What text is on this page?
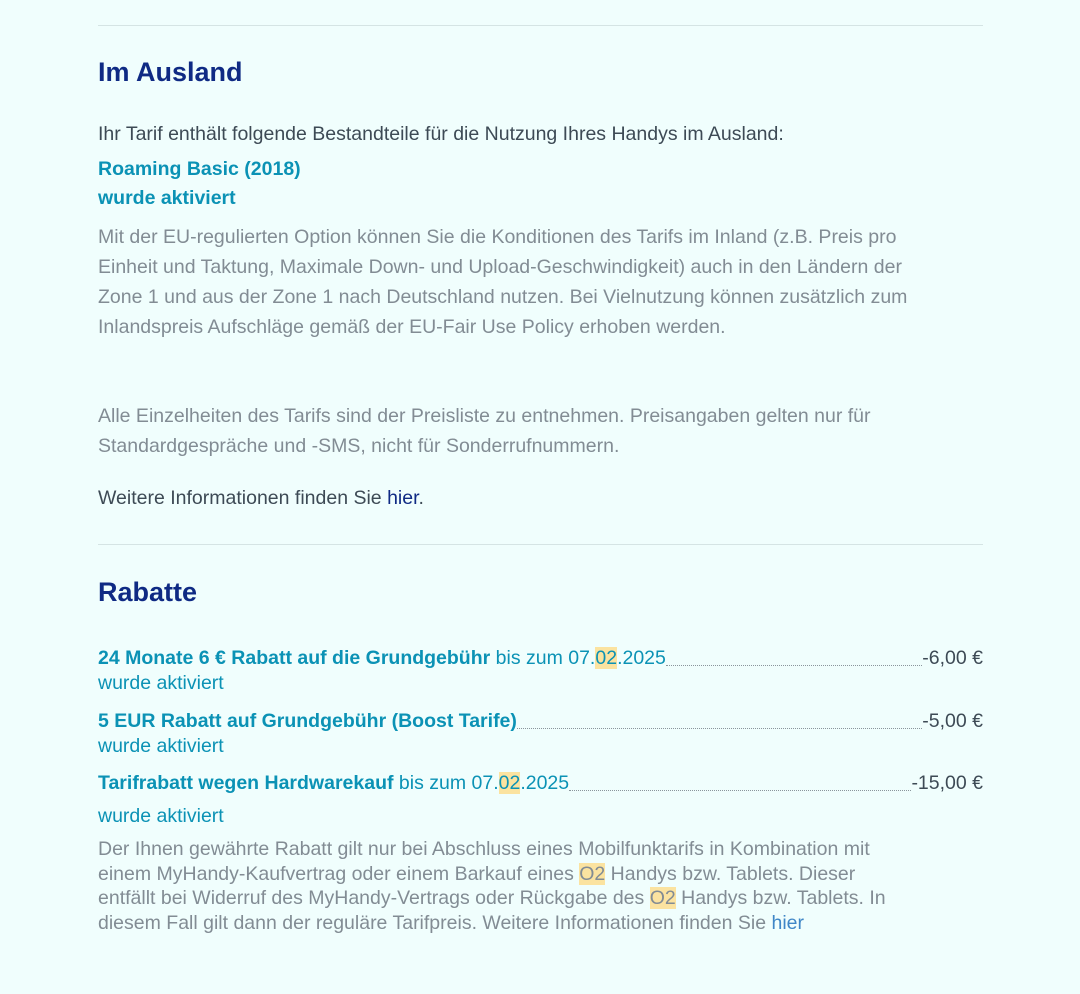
Im Ausland
Ihr Tarif enthält folgende Bestandteile für die Nutzung Ihres Handys im Ausland:
Roaming Basic (2018)
wurde aktiviert
Mit der EU-regulierten Option können Sie die Konditionen des Tarifs im Inland (z.B. Preis pro Einheit und Taktung, Maximale Down- und Upload-Geschwindigkeit) auch in den Ländern der Zone 1 und aus der Zone 1 nach Deutschland nutzen. Bei Vielnutzung können zusätzlich zum Inlandspreis Aufschläge gemäß der EU-Fair Use Policy erhoben werden.
Alle Einzelheiten des Tarifs sind der Preisliste zu entnehmen. Preisangaben gelten nur für Standardgespräche und -SMS, nicht für Sonderrufnummern.
Weitere Informationen finden Sie hier.
Rabatte
24 Monate 6 € Rabatt auf die Grundgebühr bis zum 07.02.2025	-6,00 €
wurde aktiviert
5 EUR Rabatt auf Grundgebühr (Boost Tarife)	-5,00 €
wurde aktiviert
Tarifrabatt wegen Hardwarekauf bis zum 07.02.2025	-15,00 €
wurde aktiviert
Der Ihnen gewährte Rabatt gilt nur bei Abschluss eines Mobilfunktarifs in Kombination mit einem MyHandy-Kaufvertrag oder einem Barkauf eines O2 Handys bzw. Tablets. Dieser entfällt bei Widerruf des MyHandy-Vertrags oder Rückgabe des O2 Handys bzw. Tablets. In diesem Fall gilt dann der reguläre Tarifpreis. Weitere Informationen finden Sie hier
